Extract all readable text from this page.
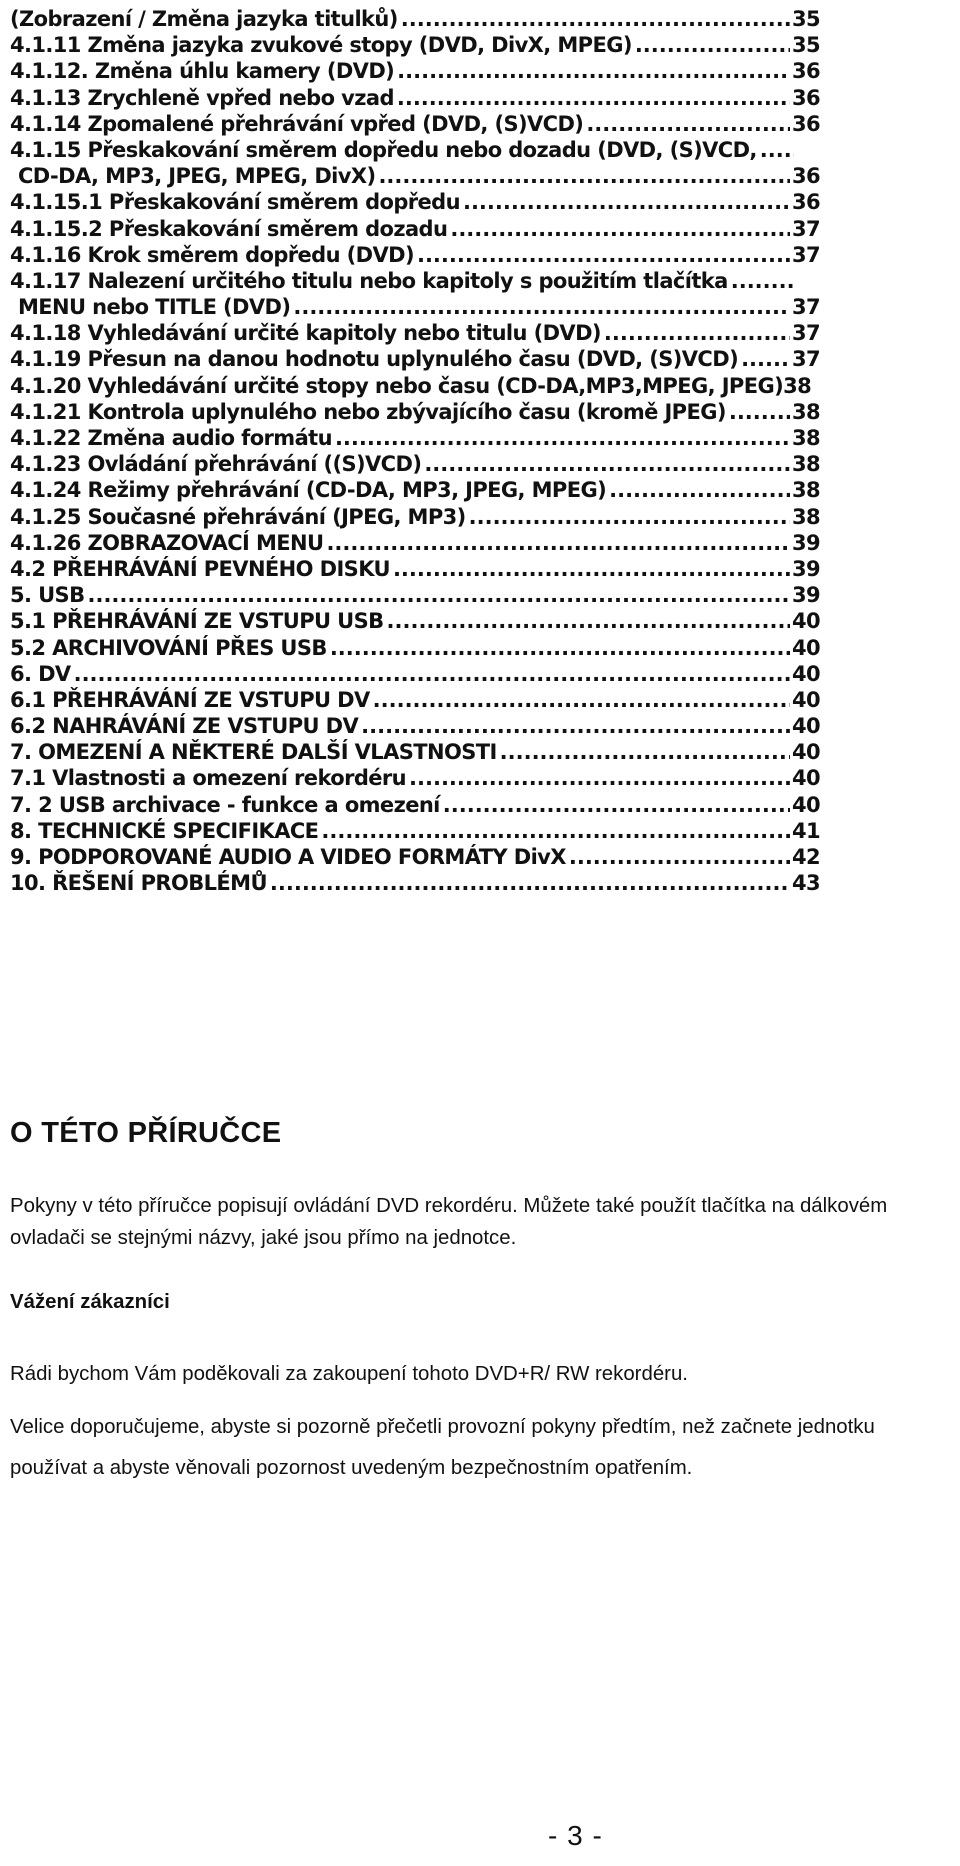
(Zobrazení / Změna jazyka titulků) .....	35
4.1.11 Změna jazyka zvukové stopy (DVD, DivX, MPEG) .....	35
4.1.12. Změna úhlu kamery (DVD) .....	36
4.1.13 Zrychleně vpřed nebo vzad .....	36
4.1.14 Zpomalené přehrávání vpřed (DVD, (S)VCD) .....	36
4.1.15 Přeskakování směrem dopředu nebo dozadu (DVD, (S)VCD,
.....
CD-DA, MP3, JPEG, MPEG, DivX) .....	36
4.1.15.1 Přeskakování směrem dopředu .....	36
4.1.15.2 Přeskakování směrem dozadu .....	37
4.1.16 Krok směrem dopředu (DVD) .....	37
4.1.17 Nalezení určitého titulu nebo kapitoly s použitím tlačítka
.....
MENU nebo TITLE (DVD) .....	37
4.1.18 Vyhledávání určité kapitoly nebo titulu (DVD) .....	37
4.1.19 Přesun na danou hodnotu uplynulého času (DVD, (S)VCD) .....	37
4.1.20 Vyhledávání určité stopy nebo času (CD-DA,MP3,MPEG, JPEG) 38
4.1.21 Kontrola uplynulého nebo zbývajícího času (kromě JPEG) .....	38
4.1.22 Změna audio formátu .....	38
4.1.23 Ovládání přehrávání ((S)VCD) .....	38
4.1.24 Režimy přehrávání (CD-DA, MP3, JPEG, MPEG) .....	38
4.1.25 Současné přehrávání (JPEG, MP3) .....	38
4.1.26 ZOBRAZOVACÍ MENU .....	39
4.2 PŘEHRÁVÁNÍ PEVNÉHO DISKU .....	39
5. USB .....	39
5.1 PŘEHRÁVÁNÍ ZE VSTUPU USB .....	40
5.2 ARCHIVOVÁNÍ PŘES USB .....	40
6. DV .....	40
6.1 PŘEHRÁVÁNÍ ZE VSTUPU DV .....	40
6.2 NAHRÁVÁNÍ ZE VSTUPU DV .....	40
7. OMEZENÍ A NĚKTERÉ DALŠÍ VLASTNOSTI .....	40
7.1 Vlastnosti a omezení rekordéru .....	40
7. 2 USB archivace - funkce a omezení .....	40
8. TECHNICKÉ SPECIFIKACE .....	41
9. PODPOROVANÉ AUDIO A VIDEO FORMÁTY DivX .....	42
10. ŘEŠENÍ PROBLÉMŮ .....	43
O TÉTO PŘÍRUČCE

Pokyny v této příručce popisují ovládání DVD rekordéru. Můžete také použít tlačítka na dálkovém ovladači se stejnými názvy, jaké jsou přímo na jednotce.

Vážení zákazníci

Rádi bychom Vám poděkovali za zakoupení tohoto DVD+R/ RW rekordéru.

Velice doporučujeme, abyste si pozorně přečetli provozní pokyny předtím, než začnete jednotku používat a abyste věnovali pozornost uvedeným bezpečnostním opatřením.

- 3 -
